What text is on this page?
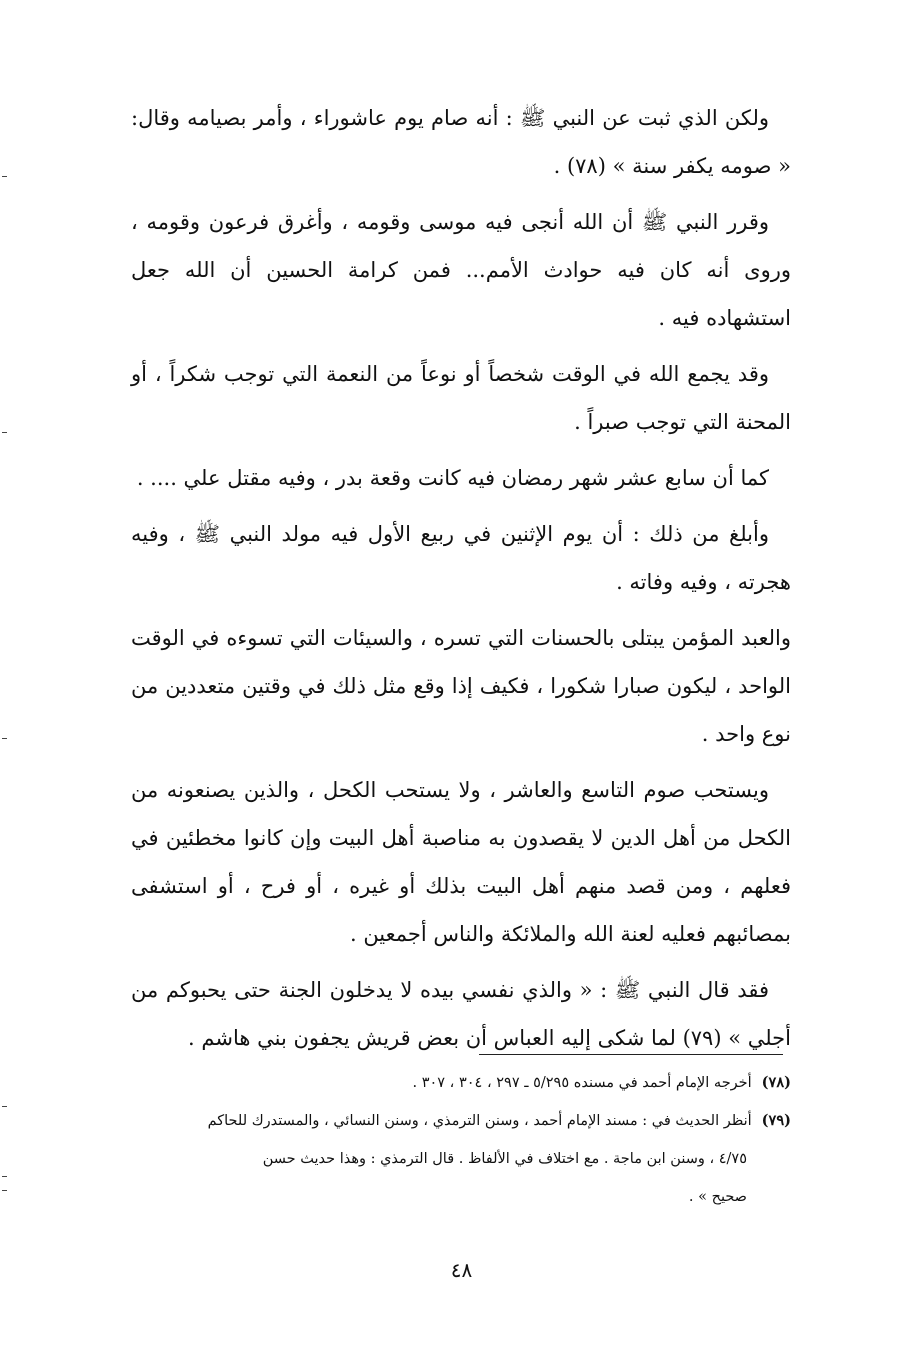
ولكن الذي ثبت عن النبي ﷺ : أنه صام يوم عاشوراء ، وأمر بصيامه وقال: « صومه يكفر سنة » (٧٨) .

وقرر النبي ﷺ أن الله أنجى فيه موسى وقومه ، وأغرق فرعون وقومه ، وروى أنه كان فيه حوادث الأمم... فمن كرامة الحسين أن الله جعل استشهاده فيه .

وقد يجمع الله في الوقت شخصاً أو نوعاً من النعمة التي توجب شكراً ، أو المحنة التي توجب صبراً .

كما أن سابع عشر شهر رمضان فيه كانت وقعة بدر ، وفيه مقتل علي .... .

وأبلغ من ذلك : أن يوم الإثنين في ربيع الأول فيه مولد النبي ﷺ ، وفيه هجرته ، وفيه وفاته .

والعبد المؤمن يبتلى بالحسنات التي تسره ، والسيئات التي تسوءه في الوقت الواحد ، ليكون صبارا شكورا ، فكيف إذا وقع مثل ذلك في وقتين متعددين من نوع واحد .

ويستحب صوم التاسع والعاشر ، ولا يستحب الكحل ، والذين يصنعونه من الكحل من أهل الدين لا يقصدون به مناصبة أهل البيت وإن كانوا مخطئين في فعلهم ، ومن قصد منهم أهل البيت بذلك أو غيره ، أو فرح ، أو استشفى بمصائبهم فعليه لعنة الله والملائكة والناس أجمعين .

فقد قال النبي ﷺ : « والذي نفسي بيده لا يدخلون الجنة حتى يحبوكم من أجلي » (٧٩) لما شكى إليه العباس أن بعض قريش يجفون بني هاشم .

(٧٨)أخرجه الإمام أحمد في مسنده ٥/٢٩٥ ـ ٢٩٧ ، ٣٠٤ ، ٣٠٧ .

(٧٩)أنظر الحديث في : مسند الإمام أحمد ، وسنن الترمذي ، وسنن النسائي ، والمستدرك للحاكم

٤/٧٥ ، وسنن ابن ماجة . مع اختلاف في الألفاظ . قال الترمذي : وهذا حديث حسن

صحيح » .

٤٨
